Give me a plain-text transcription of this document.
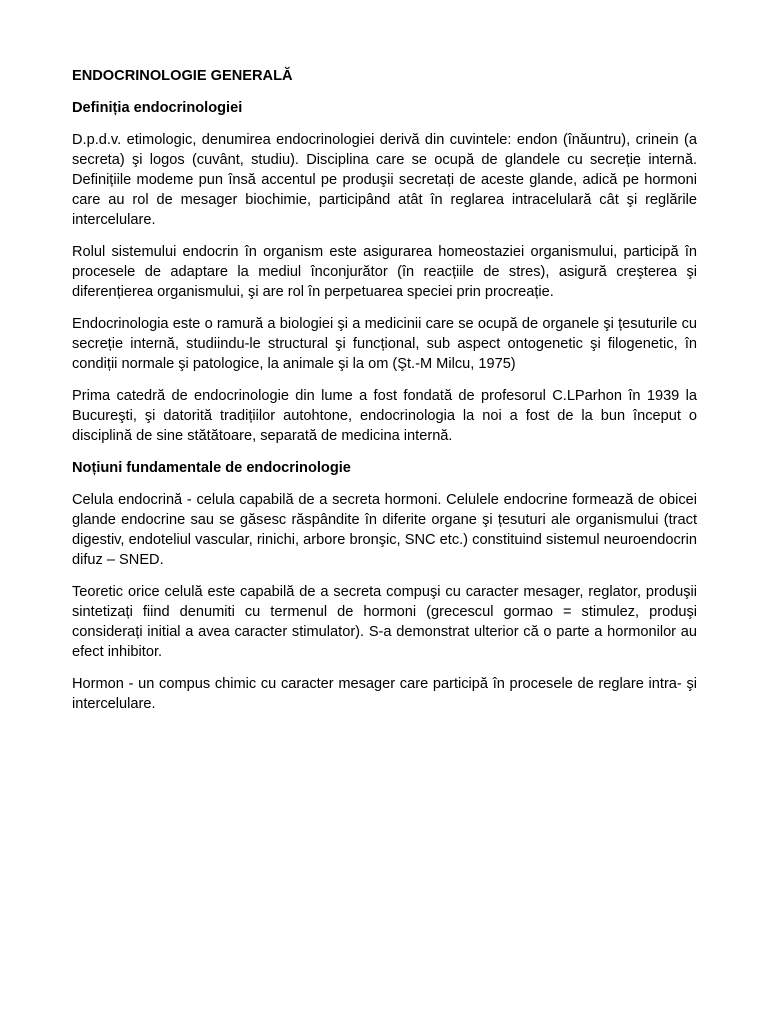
ENDOCRINOLOGIE GENERALĂ

Definiția endocrinologiei

D.p.d.v. etimologic, denumirea endocrinologiei derivă din cuvintele: endon (înăuntru), crinein (a secreta) şi logos (cuvânt, studiu). Disciplina care se ocupă de glandele cu secreție internă. Definițiile modeme pun însă accentul pe produşii secretați de aceste glande, adică pe hormoni care au rol de mesager biochimie, participând atât în reglarea intracelulară cât şi reglările intercelulare.

Rolul sistemului endocrin în organism este asigurarea homeostaziei organismului, participă în procesele de adaptare la mediul înconjurător (în reacțiile de stres), asigură creşterea şi diferențierea organismului, şi are rol în perpetuarea speciei prin procreație.

Endocrinologia este o ramură a biologiei şi a medicinii care se ocupă de organele şi țesuturile cu secreție internă, studiindu-le structural şi funcțional, sub aspect ontogenetic şi filogenetic, în condiții normale şi patologice, la animale şi la om (Şt.-M Milcu, 1975)

Prima catedră de endocrinologie din lume a fost fondată de profesorul C.LParhon în 1939 la Bucureşti, şi datorită tradițiilor autohtone, endocrinologia la noi a fost de la bun început o disciplină de sine stătătoare, separată de medicina internă.

Noțiuni fundamentale de endocrinologie

Celula endocrină - celula capabilă de a secreta hormoni. Celulele endocrine formează de obicei glande endocrine sau se găsesc răspândite în diferite organe şi țesuturi ale organismului (tract digestiv, endoteliul vascular, rinichi, arbore bronşic, SNC etc.) constituind sistemul neuroendocrin difuz – SNED.

Teoretic orice celulă este capabilă de a secreta compuşi cu caracter mesager, reglator, produşii sintetizați fiind denumiti cu termenul de hormoni (grecescul gormao = stimulez, produşi considerați initial a avea caracter stimulator). S-a demonstrat ulterior că o parte a hormonilor au efect inhibitor.

Hormon - un compus chimic cu caracter mesager care participă în procesele de reglare intra- şi intercelulare.
